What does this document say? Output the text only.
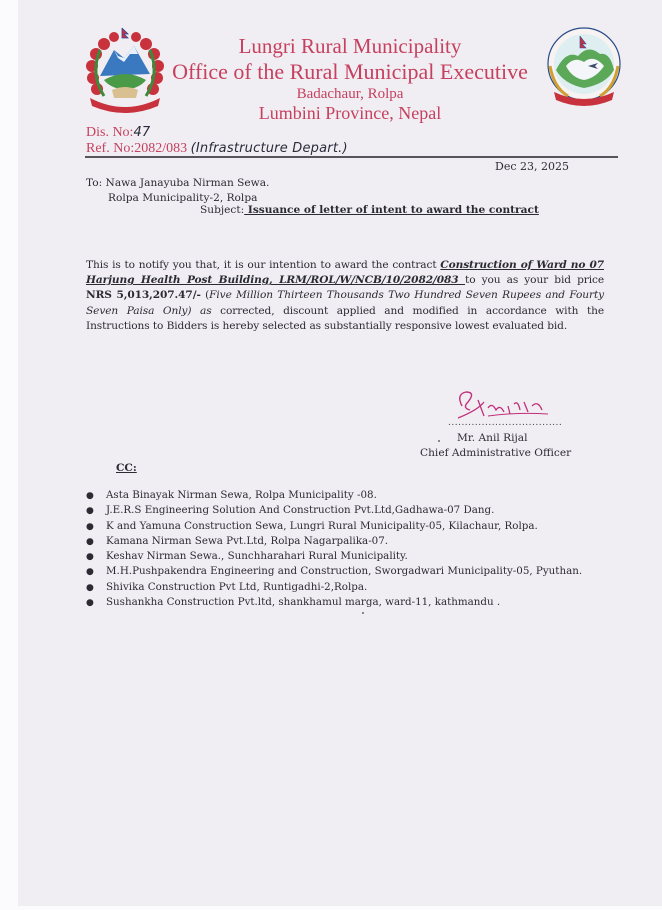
Lungri Rural Municipality
Office of the Rural Municipal Executive
Badachaur, Rolpa
Lumbini Province, Nepal
Dis. No:47
Ref. No:2082/083 (Infrastructure Depart.)
Dec 23, 2025
To: Nawa Janayuba Nirman Sewa.
Rolpa Municipality-2, Rolpa
Subject: Issuance of letter of intent to award the contract
This is to notify you that, it is our intention to award the contract Construction of Ward no 07 Harjung Health Post Building, LRM/ROL/W/NCB/10/2082/083 to you as your bid price NRS 5,013,207.47/- (Five Million Thirteen Thousands Two Hundred Seven Rupees and Fourty Seven Paisa Only) as corrected, discount applied and modified in accordance with the Instructions to Bidders is hereby selected as substantially responsive lowest evaluated bid.
..................................
Mr. Anil Rijal
Chief Administrative Officer
CC:
● Asta Binayak Nirman Sewa, Rolpa Municipality -08.
● J.E.R.S Engineering Solution And Construction Pvt.Ltd,Gadhawa-07 Dang.
● K and Yamuna Construction Sewa, Lungri Rural Municipality-05, Kilachaur, Rolpa.
● Kamana Nirman Sewa Pvt.Ltd, Rolpa Nagarpalika-07.
● Keshav Nirman Sewa., Sunchharahari Rural Municipality.
● M.H.Pushpakendra Engineering and Construction, Sworgadwari Municipality-05, Pyuthan.
● Shivika Construction Pvt Ltd, Runtigadhi-2,Rolpa.
● Sushankha Construction Pvt.ltd, shankhamul marga, ward-11, kathmandu .
